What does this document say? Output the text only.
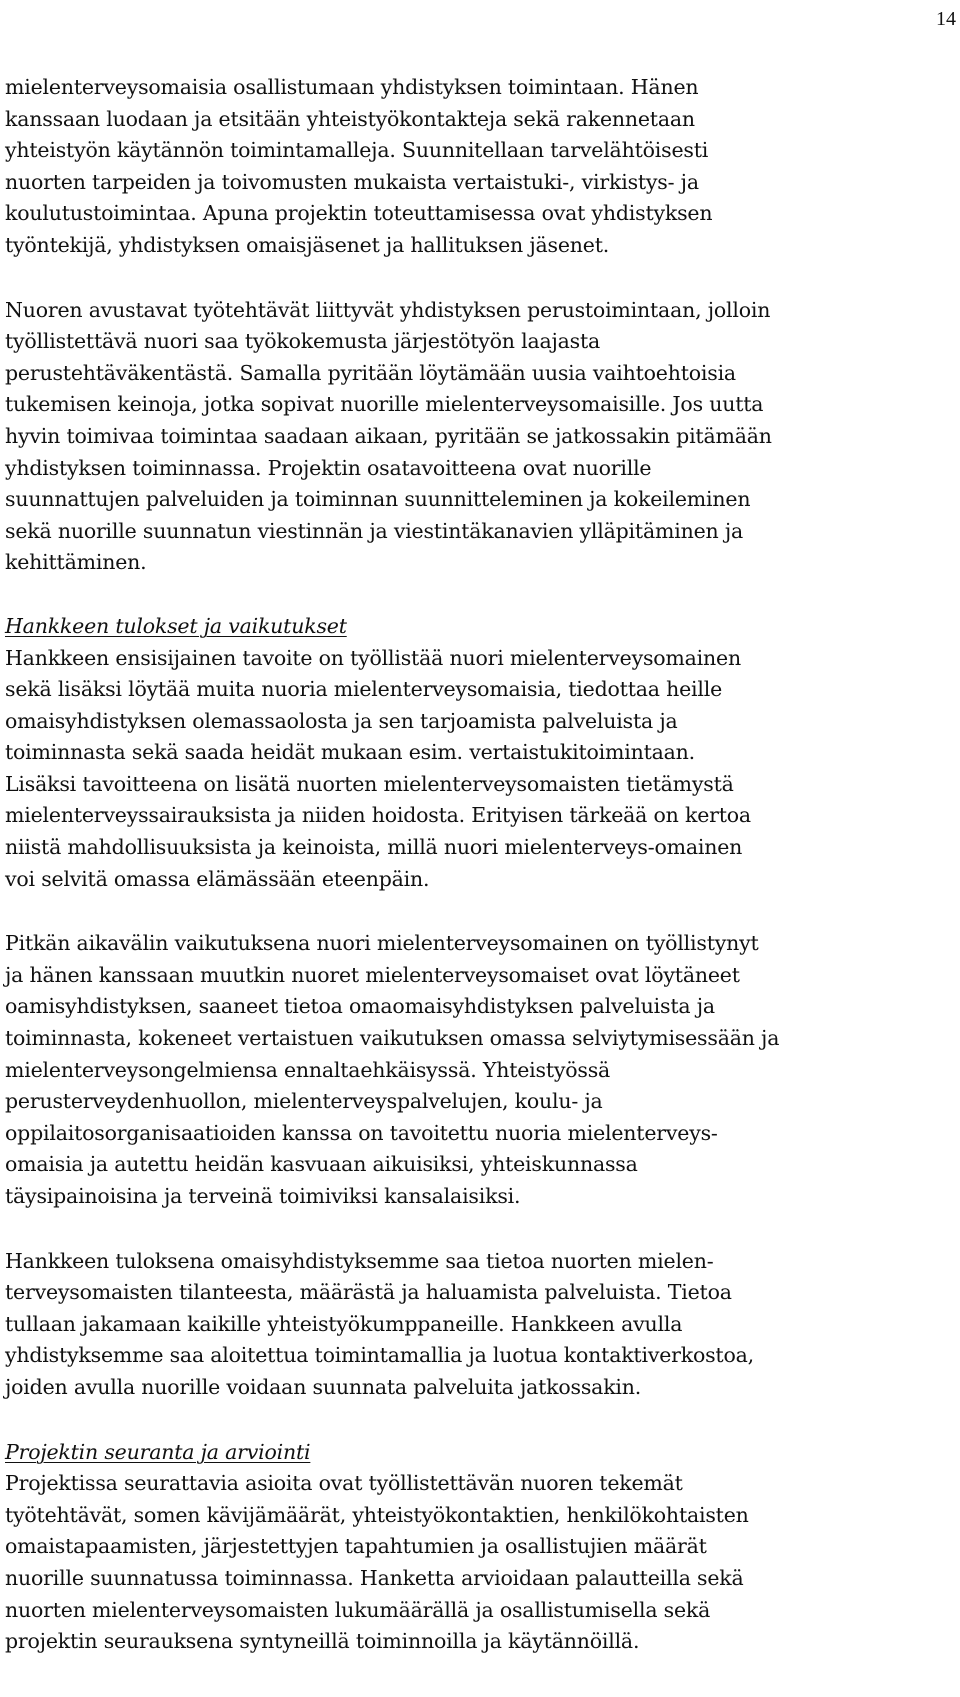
14

mielenterveysomaisia osallistumaan yhdistyksen toimintaan. Hänen
kanssaan luodaan ja etsitään yhteistyökontakteja sekä rakennetaan
yhteistyön käytännön toimintamalleja. Suunnitellaan tarvelähtöisesti
nuorten tarpeiden ja toivomusten mukaista vertaistuki-, virkistys- ja
koulutustoimintaa. Apuna projektin toteuttamisessa ovat yhdistyksen
työntekijä, yhdistyksen omaisjäsenet ja hallituksen jäsenet.

Nuoren avustavat työtehtävät liittyvät yhdistyksen perustoimintaan, jolloin
työllistettävä nuori saa työkokemusta järjestötyön laajasta
perustehtäväkentästä. Samalla pyritään löytämään uusia vaihtoehtoisia
tukemisen keinoja, jotka sopivat nuorille mielenterveysomaisille. Jos uutta
hyvin toimivaa toimintaa saadaan aikaan, pyritään se jatkossakin pitämään
yhdistyksen toiminnassa. Projektin osatavoitteena ovat nuorille
suunnattujen palveluiden ja toiminnan suunnitteleminen ja kokeileminen
sekä nuorille suunnatun viestinnän ja viestintäkanavien ylläpitäminen ja
kehittäminen.

Hankkeen tulokset ja vaikutukset
Hankkeen ensisijainen tavoite on työllistää nuori mielenterveysomainen
sekä lisäksi löytää muita nuoria mielenterveysomaisia, tiedottaa heille
omaisyhdistyksen olemassaolosta ja sen tarjoamista palveluista ja
toiminnasta sekä saada heidät mukaan esim. vertaistukitoimintaan.
Lisäksi tavoitteena on lisätä nuorten mielenterveysomaisten tietämystä
mielenterveyssairauksista ja niiden hoidosta. Erityisen tärkeää on kertoa
niistä mahdollisuuksista ja keinoista, millä nuori mielenterveys-omainen
voi selvitä omassa elämässään eteenpäin.

Pitkän aikavälin vaikutuksena nuori mielenterveysomainen on työllistynyt
ja hänen kanssaan muutkin nuoret mielenterveysomaiset ovat löytäneet
oamisyhdistyksen, saaneet tietoa omaomaisyhdistyksen palveluista ja
toiminnasta, kokeneet vertaistuen vaikutuksen omassa selviytymisessään ja
mielenterveysongelmiensa ennaltaehkäisyssä. Yhteistyössä
perusterveydenhuollon, mielenterveyspalvelujen, koulu- ja
oppilaitosorganisaatioiden kanssa on tavoitettu nuoria mielenterveys-
omaisia ja autettu heidän kasvuaan aikuisiksi, yhteiskunnassa
täysipainoisina ja terveinä toimiviksi kansalaisiksi.

Hankkeen tuloksena omaisyhdistyksemme saa tietoa nuorten mielen-
terveysomaisten tilanteesta, määrästä ja haluamista palveluista. Tietoa
tullaan jakamaan kaikille yhteistyökumppaneille. Hankkeen avulla
yhdistyksemme saa aloitettua toimintamallia ja luotua kontaktiverkostoa,
joiden avulla nuorille voidaan suunnata palveluita jatkossakin.

Projektin seuranta ja arviointi
Projektissa seurattavia asioita ovat työllistettävän nuoren tekemät
työtehtävät, somen kävijämäärät, yhteistyökontaktien, henkilökohtaisten
omaistapaamisten, järjestettyjen tapahtumien ja osallistujien määrät
nuorille suunnatussa toiminnassa. Hanketta arvioidaan palautteilla sekä
nuorten mielenterveysomaisten lukumäärällä ja osallistumisella sekä
projektin seurauksena syntyneillä toiminnoilla ja käytännöillä.
